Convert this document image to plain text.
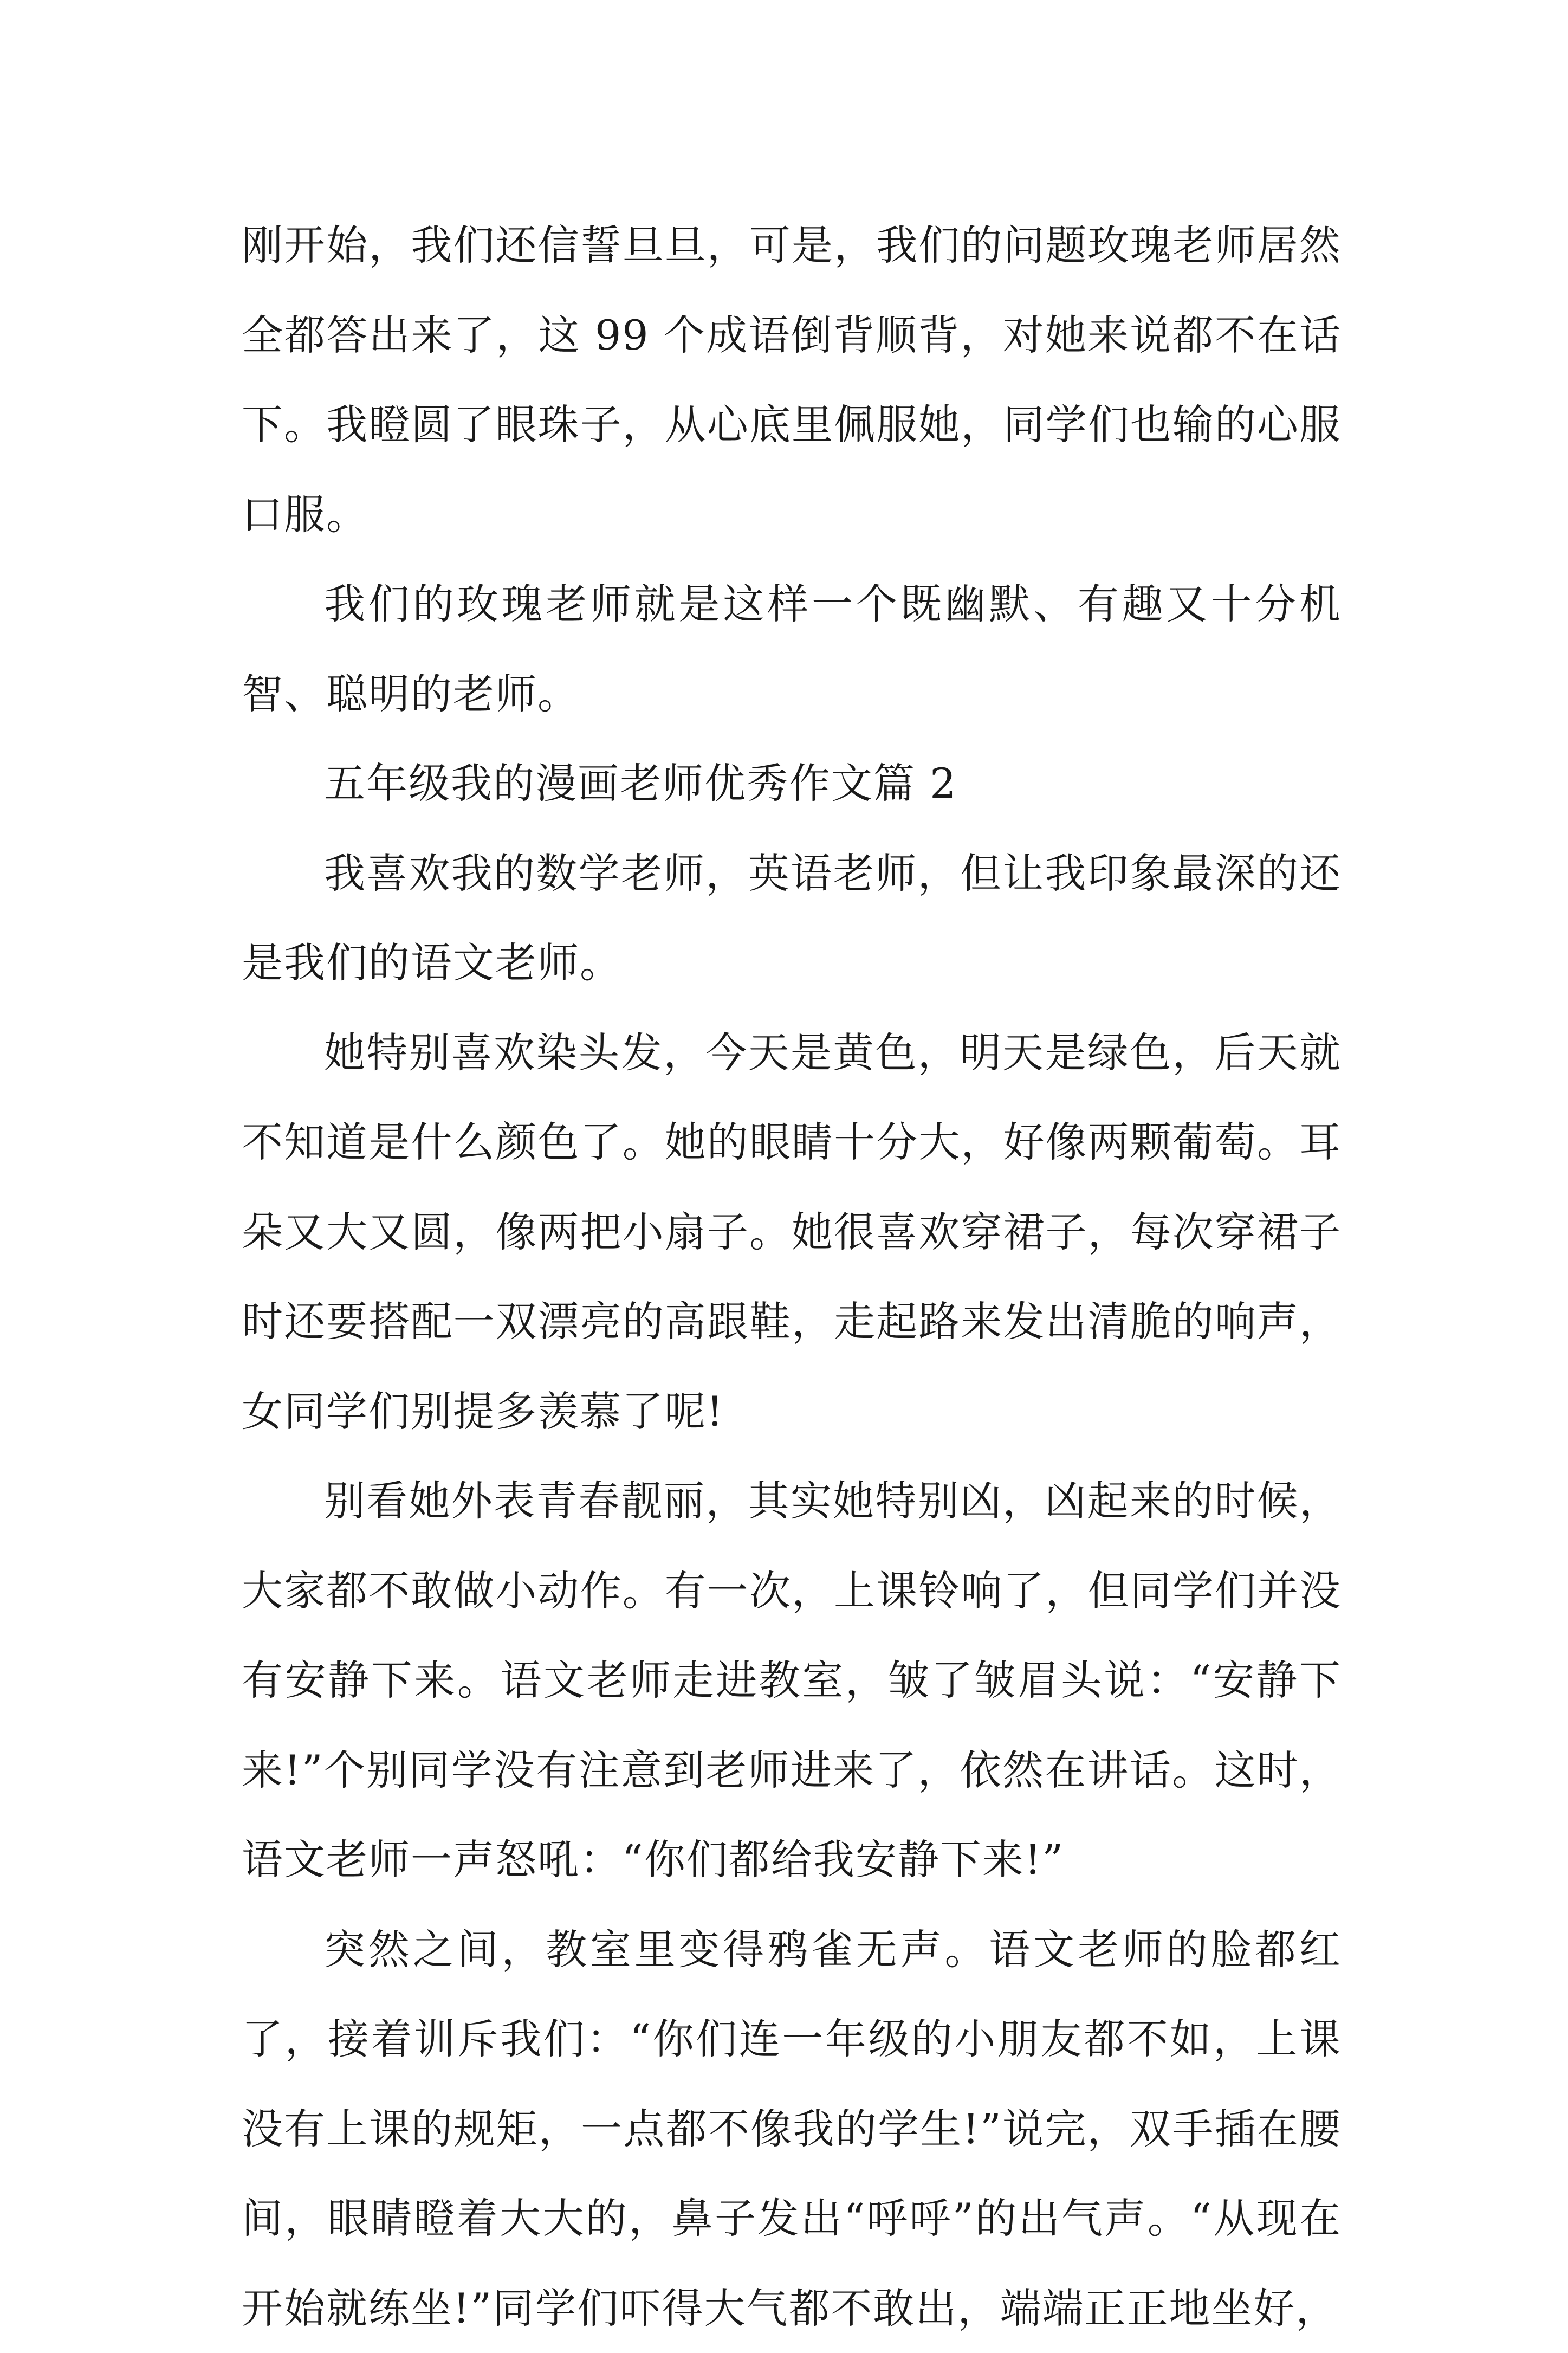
刚开始，我们还信誓旦旦，可是，我们的问题玫瑰老师居然全都答出来了，这 99 个成语倒背顺背，对她来说都不在话下。我瞪圆了眼珠子，从心底里佩服她，同学们也输的心服口服。

我们的玫瑰老师就是这样一个既幽默、有趣又十分机智、聪明的老师。

五年级我的漫画老师优秀作文篇 2

我喜欢我的数学老师，英语老师，但让我印象最深的还是我们的语文老师。

她特别喜欢染头发，今天是黄色，明天是绿色，后天就不知道是什么颜色了。她的眼睛十分大，好像两颗葡萄。耳朵又大又圆，像两把小扇子。她很喜欢穿裙子，每次穿裙子时还要搭配一双漂亮的高跟鞋，走起路来发出清脆的响声，女同学们别提多羡慕了呢!

别看她外表青春靓丽，其实她特别凶，凶起来的时候，大家都不敢做小动作。有一次，上课铃响了，但同学们并没有安静下来。语文老师走进教室，皱了皱眉头说：“安静下来!”个别同学没有注意到老师进来了，依然在讲话。这时，语文老师一声怒吼：“你们都给我安静下来!”

突然之间，教室里变得鸦雀无声。语文老师的脸都红了，接着训斥我们：“你们连一年级的小朋友都不如，上课没有上课的规矩，一点都不像我的学生!”说完，双手插在腰间，眼睛瞪着大大的，鼻子发出“呼呼”的出气声。“从现在开始就练坐!”同学们吓得大气都不敢出，端端正正地坐好，
